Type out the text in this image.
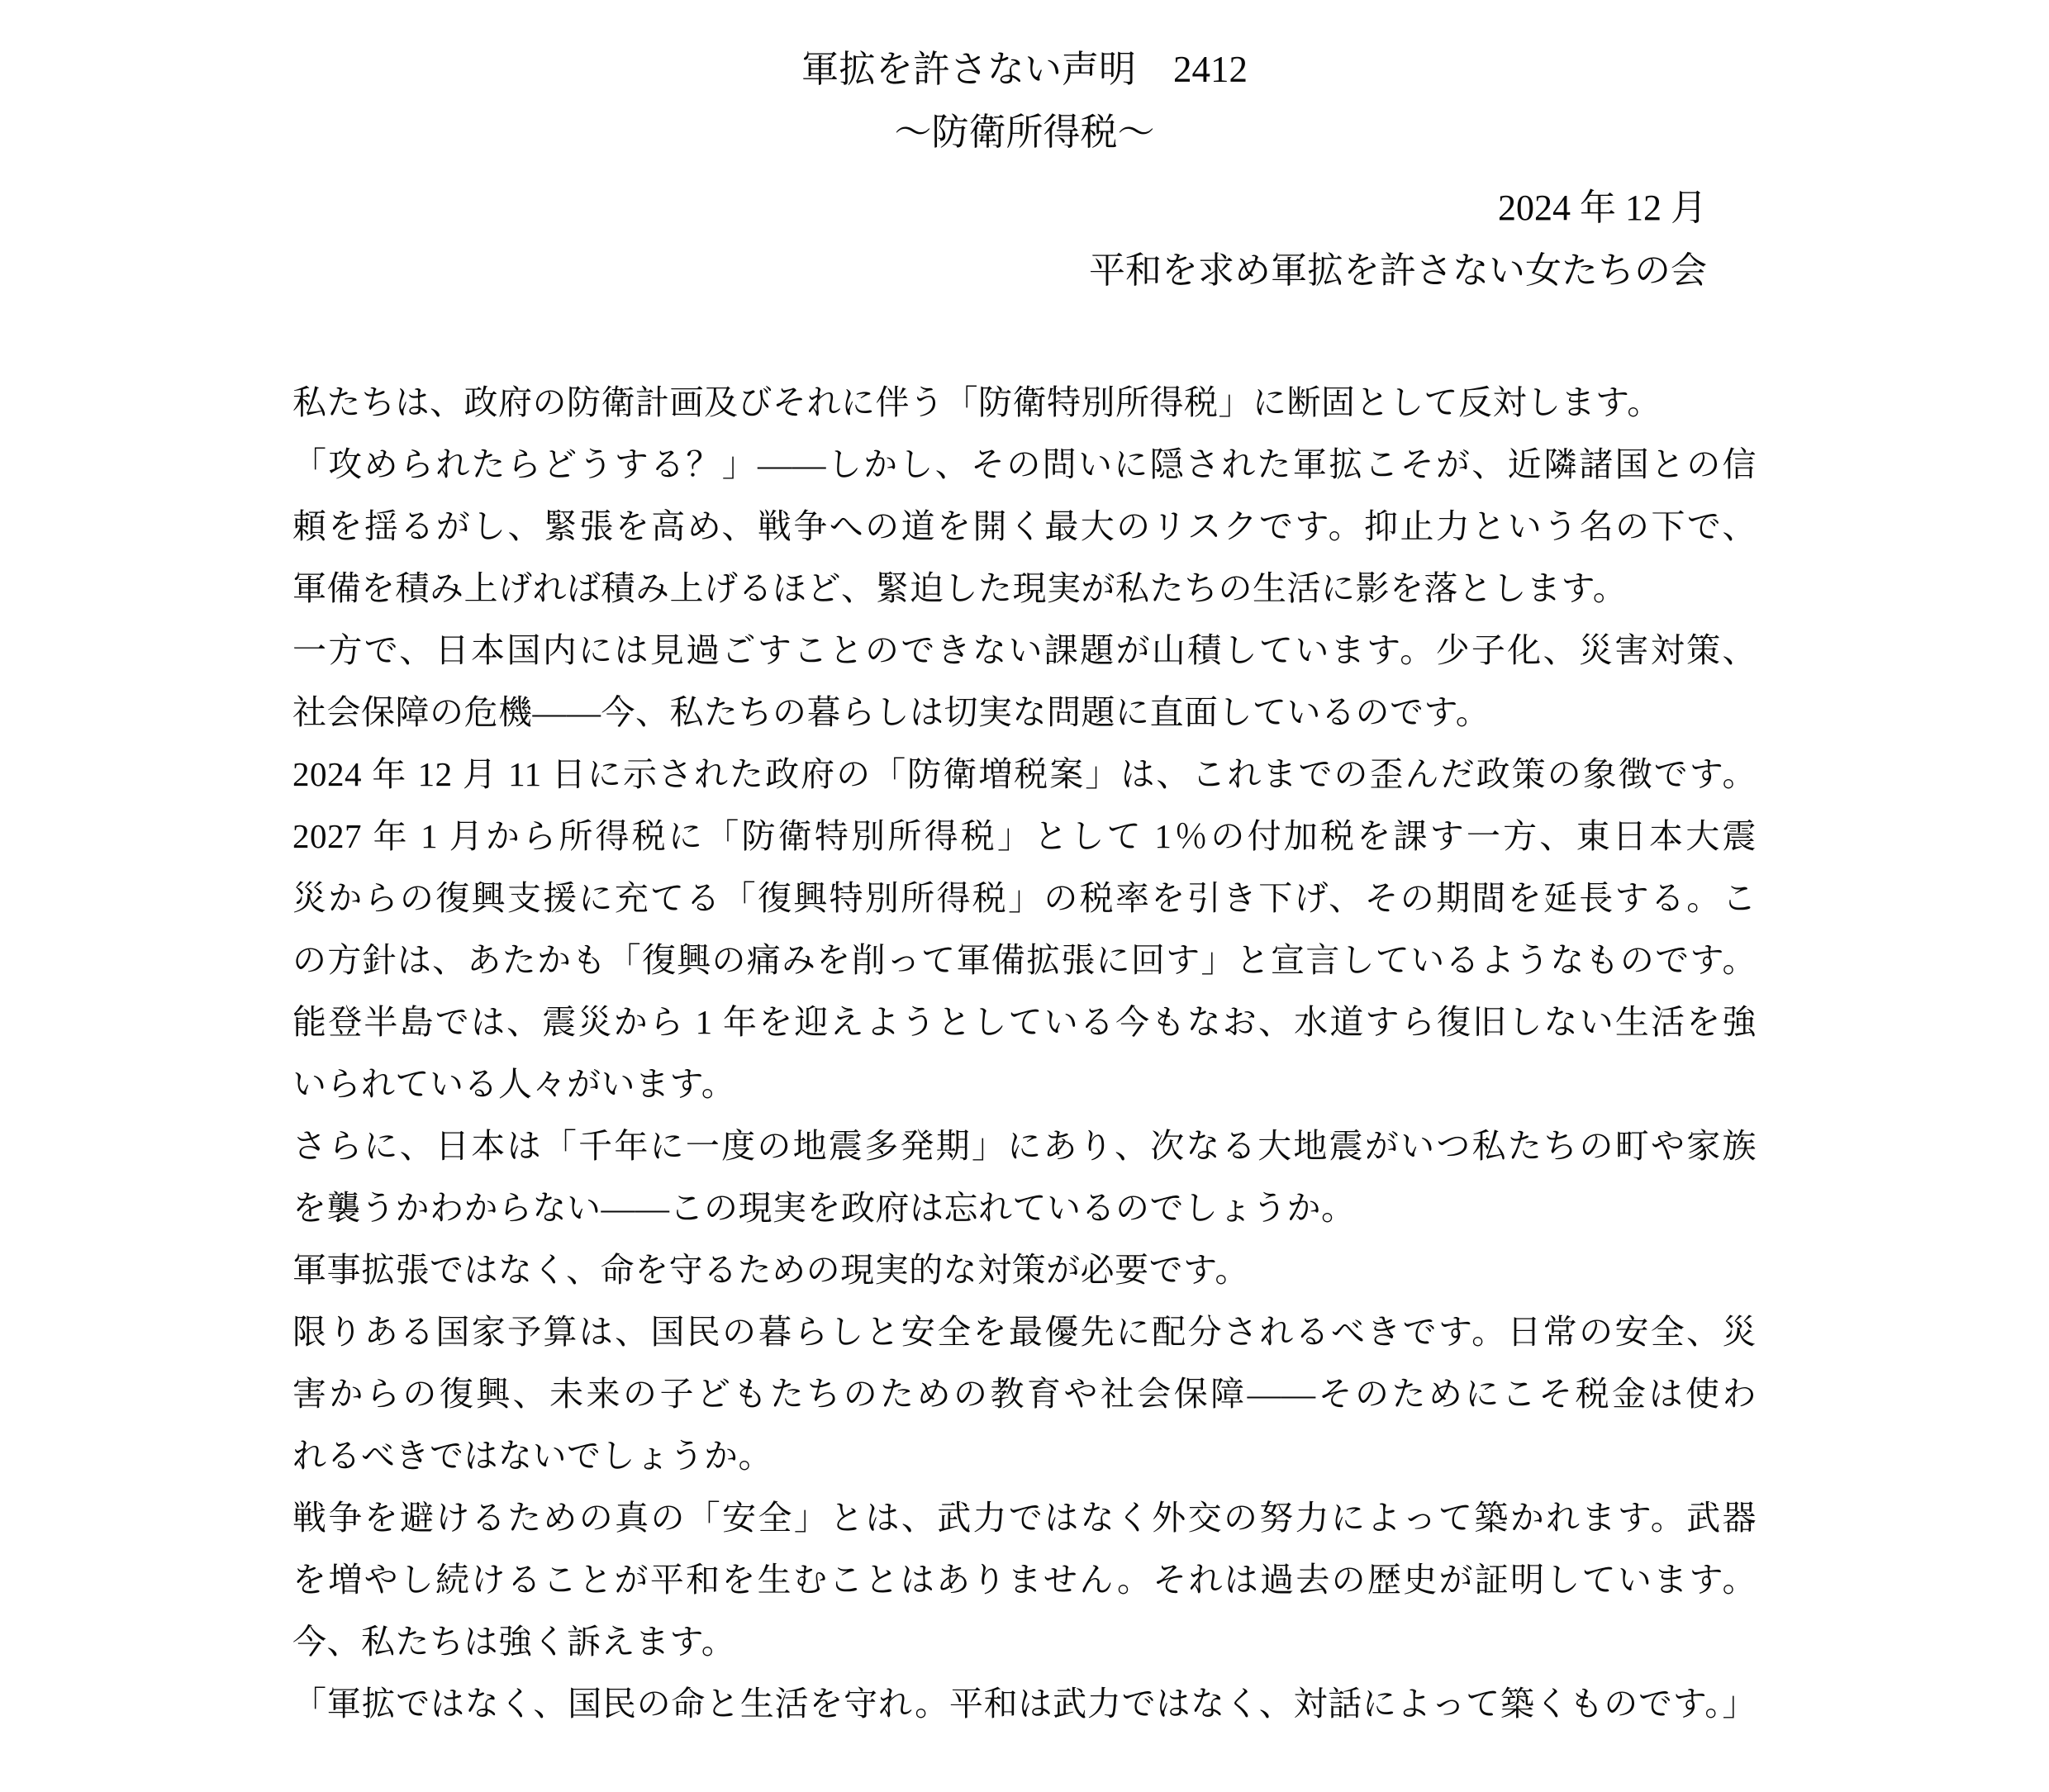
軍拡を許さない声明　2412
～防衛所得税～
2024 年 12 月
平和を求め軍拡を許さない女たちの会
私たちは、政府の防衛計画及びそれに伴う「防衛特別所得税」に断固として反対します。
「攻められたらどうする？」――しかし、その問いに隠された軍拡こそが、近隣諸国との信
頼を揺るがし、緊張を高め、戦争への道を開く最大のリスクです。抑止力という名の下で、
軍備を積み上げれば積み上げるほど、緊迫した現実が私たちの生活に影を落とします。
一方で、日本国内には見過ごすことのできない課題が山積しています。少子化、災害対策、
社会保障の危機――今、私たちの暮らしは切実な問題に直面しているのです。
2024 年 12 月 11 日に示された政府の「防衛増税案」は、これまでの歪んだ政策の象徴です。
2027 年 1 月から所得税に「防衛特別所得税」として 1％の付加税を課す一方、東日本大震
災からの復興支援に充てる「復興特別所得税」の税率を引き下げ、その期間を延長する。こ
の方針は、あたかも「復興の痛みを削って軍備拡張に回す」と宣言しているようなものです。
能登半島では、震災から 1 年を迎えようとしている今もなお、水道すら復旧しない生活を強
いられている人々がいます。
さらに、日本は「千年に一度の地震多発期」にあり、次なる大地震がいつ私たちの町や家族
を襲うかわからない――この現実を政府は忘れているのでしょうか。
軍事拡張ではなく、命を守るための現実的な対策が必要です。
限りある国家予算は、国民の暮らしと安全を最優先に配分されるべきです。日常の安全、災
害からの復興、未来の子どもたちのための教育や社会保障――そのためにこそ税金は使わ
れるべきではないでしょうか。
戦争を避けるための真の「安全」とは、武力ではなく外交の努力によって築かれます。武器
を増やし続けることが平和を生むことはありません。それは過去の歴史が証明しています。
今、私たちは強く訴えます。
「軍拡ではなく、国民の命と生活を守れ。平和は武力ではなく、対話によって築くものです。」
